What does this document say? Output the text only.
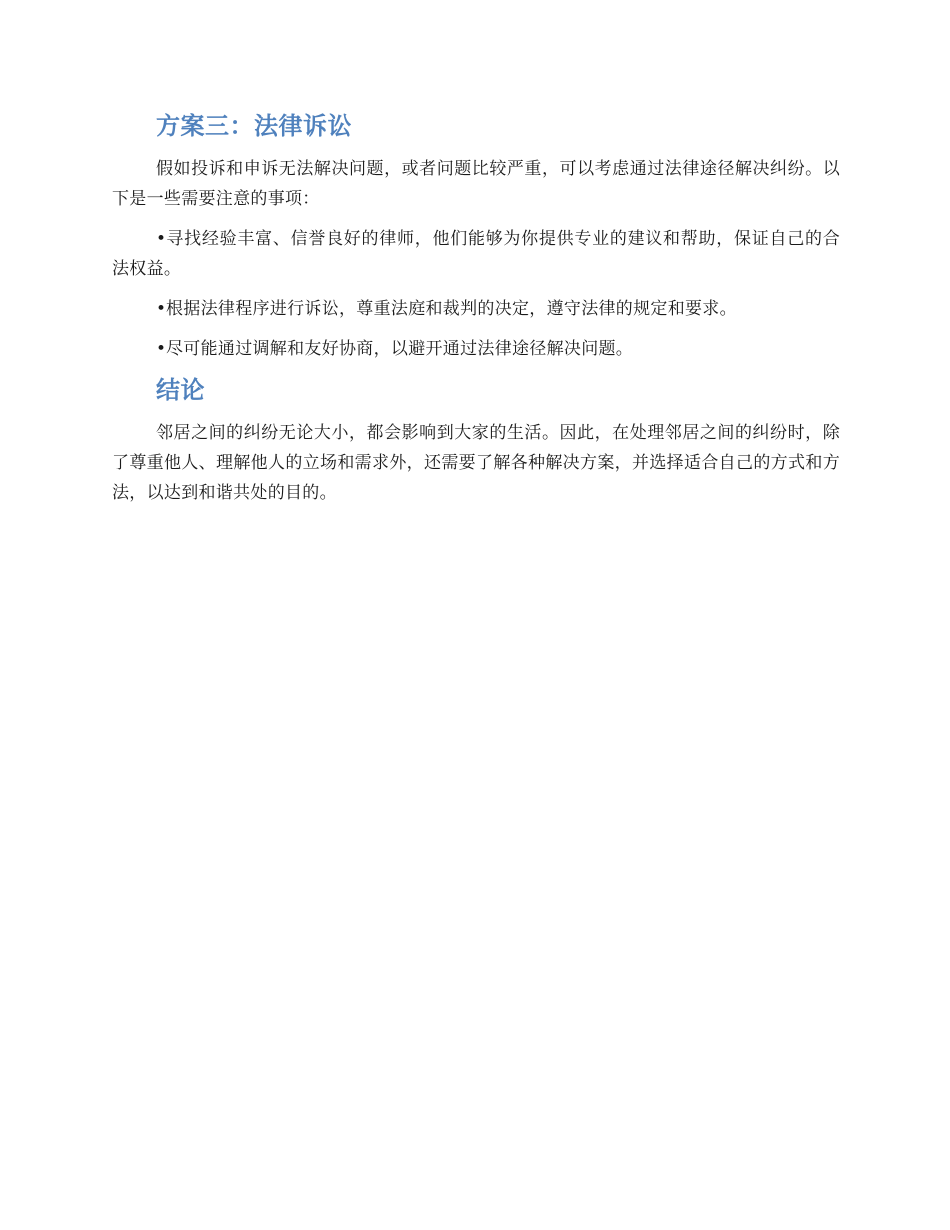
方案三：法律诉讼

假如投诉和申诉无法解决问题，或者问题比较严重，可以考虑通过法律途径解决纠纷。以下是一些需要注意的事项：

•寻找经验丰富、信誉良好的律师，他们能够为你提供专业的建议和帮助，保证自己的合法权益。

•根据法律程序进行诉讼，尊重法庭和裁判的决定，遵守法律的规定和要求。

•尽可能通过调解和友好协商，以避开通过法律途径解决问题。

结论

邻居之间的纠纷无论大小，都会影响到大家的生活。因此，在处理邻居之间的纠纷时，除了尊重他人、理解他人的立场和需求外，还需要了解各种解决方案，并选择适合自己的方式和方法，以达到和谐共处的目的。
